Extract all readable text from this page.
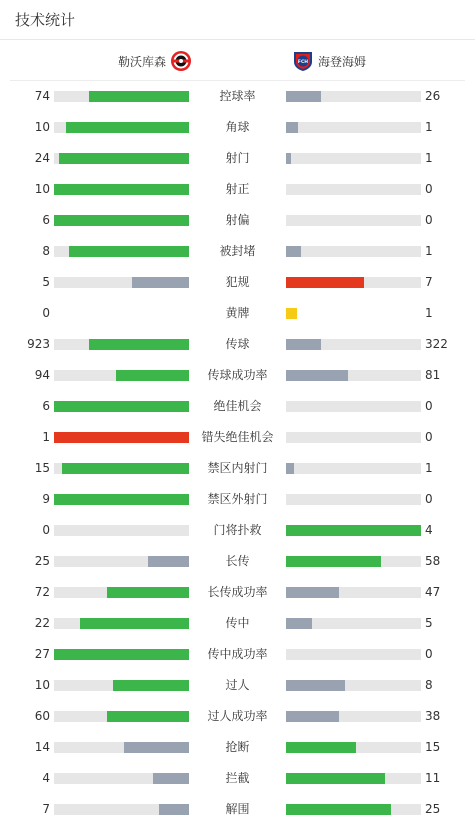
技术统计
勒沃库森	FCH 海登海姆
74	控球率	26
10	角球	1
24	射门	1
10	射正	0
6	射偏	0
8	被封堵	1
5	犯规	7
0	黄牌	1
923	传球	322
94	传球成功率	81
6	绝佳机会	0
1	错失绝佳机会	0
15	禁区内射门	1
9	禁区外射门	0
0	门将扑救	4
25	长传	58
72	长传成功率	47
22	传中	5
27	传中成功率	0
10	过人	8
60	过人成功率	38
14	抢断	15
4	拦截	11
7	解围	25
